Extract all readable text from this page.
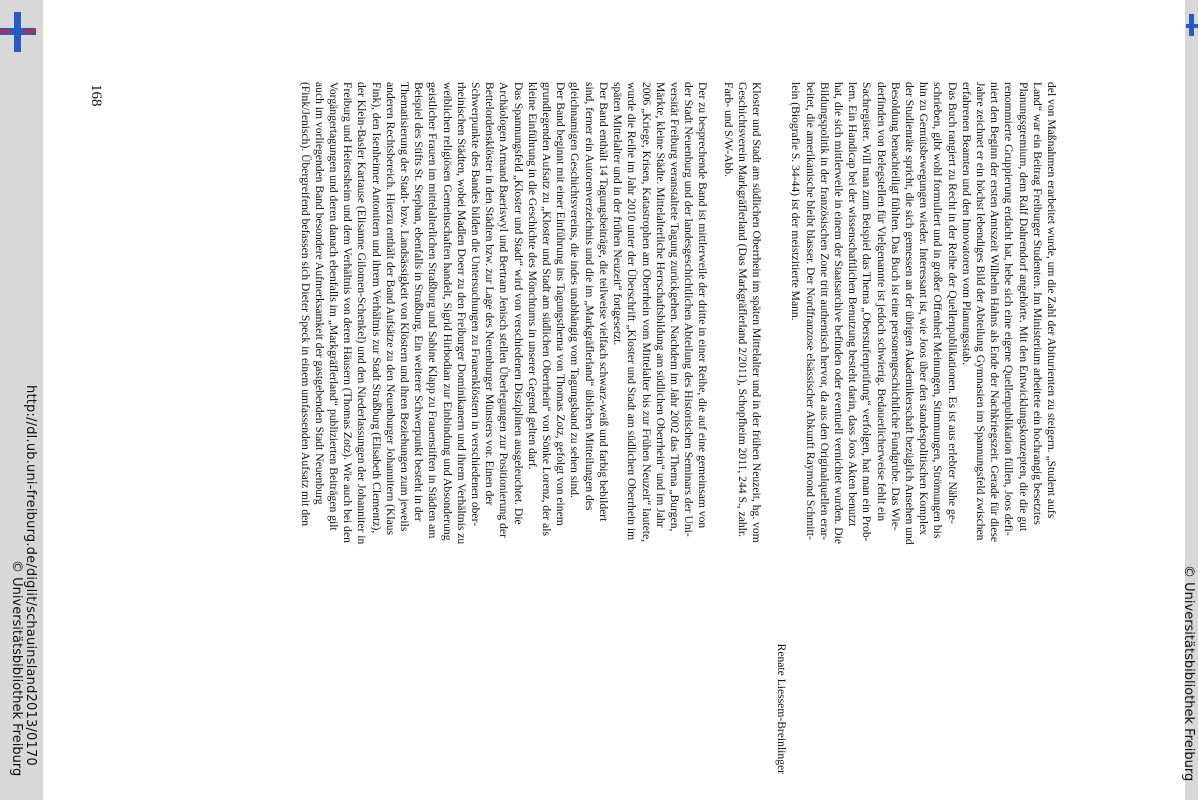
http://dl.ub.uni-freiburg.de/diglit/schauinsland2013/0170
© Universitätsbibliothek Freiburg	© Universitätsbibliothek Freiburg
168	del von Maßnahmen erarbeitet wurde, um die Zahl der Abiturienten zu steigern. „Student aufs
Land“ war ein Beitrag Freiburger Studenten. Im Ministerium arbeitete ein hochrangig besetztes
Planungsgremium, dem Ralf Dahrendorf angehörte. Mit den Entwicklungskonzepten, die die gut
renommierte Gruppierung erdacht hat, hebe sich eine eigene Quellenpublikation füllen, Joos defi-
niert den Beginn der ersten Amtszeit Wilhelm Hahns als Ende der Nachkriegszeit. Gerade für diese
Jahre zeichnet er ein höchst lebendiges Bild der Abteilung Gymnasien im Spannungsfeld zwischen
erfahrenen Beamten und den Innovatoren vom Planungsstab.
Das Buch rangiert zu Recht in der Reihe der Quellenpublikationen. Es ist aus erlebter Nähe ge-
schrieben, gibt wohl formuliert und in großer Offenheit Meinungen, Stimmungen, Strömungen bis
hin zu Gemütsbewegungen wieder. Interessant ist, wie Joos über den standespolitischen Komplex
der Studienräte spricht, die sich gemessen an der übrigen Akademikerschaft bezüglich Ansehen und
Besoldung benachteiligt fühlten. Das Buch ist eine personengeschichtliche Fundgrube. Das Wie-
derfinden von Belegstellen für Vielgenannte ist jedoch schwierig. Bedauerlicherweise fehlt ein
Sachregister. Will man zum Beispiel das Thema „Oberstufenprüfung“ verfolgen, hat man ein Prob-
lem. Ein Handicap bei der wissenschaftlichen Benutzung besteht darin, dass Joos Akten benutzt
hat, die sich mittlerweile in einem der Staatsarchive befinden oder eventuell vernichtet wurden. Die
Bildungspolitik in der französischen Zone tritt authentisch hervor, da aus den Originalquellen erar-
beitet, die amerikanische bleibt blasser. Der Nordfranzose elsässischer Abkunft Raymond Schmitt-
lein (Biografie S. 34-44) ist der meistzitierte Mann.
Renate Liessem-Breinlinger
Kloster und Stadt am südlichen Oberrhein im späten Mittelalter und in der frühen Neuzeit, hg. vom
Geschichtsverein Markgräflerland (Das Markgräflerland 2/2011), Schopfheim 2011, 244 S., zahlr.
Farb- und S/W-Abb.
Der zu besprechende Band ist mittlerweile der dritte in einer Reihe, die auf eine gemeinsam von
der Stadt Neuenburg und der landesgeschichtlichen Abteilung des Historischen Seminars der Uni-
versität Freiburg veranstaltete Tagung zurückgehen. Nachdem im Jahr 2002 das Thema „Burgen,
Märkte, kleine Städte. Mittelalterliche Herrschaftsbildung am südlichen Oberrhein“ und im Jahr
2006 „Kriege, Krisen, Katastrophen am Oberrhein vom Mittelalter bis zur Frühen Neuzeit“ lautete,
wurde die Reihe im Jahr 2010 unter der Überschrift „Kloster und Stadt am südlichen Oberrhein im
späten Mittelalter und in der frühen Neuzeit“ fortgesetzt.
Der Band enthält 14 Tagungsbeiträge, die teilweise vielfach schwarz-weiß und farbig bebildert
sind, ferner ein Autorenverzeichnis und die im „Markgräflerland“ üblichen Mitteilungen des
gleichnamigen Geschichtsvereins, die indes unabhängig vom Tagungsband zu sehen sind.
Der Band beginnt mit einer Einführung ins Tagungsthema von Thomas Zotz, gefolgt von einem
grundlegenden Aufsatz zu „Kloster und Stadt am südlichen Oberrhein“ von Sönke Lorenz, der als
kleine Einführung in die Geschichte des Mönchtums in unserer Gegend gelten darf.
Das Spannungsfeld „Kloster und Stadt“ wird von verschiedenen Disziplinen ausgeleuchtet. Die
Archäologen Armand Baeriswyl und Bertram Jenisch stellen Überlegungen zur Positionierung der
Bettelordensklöster in den Städten bzw. zur Lage des Neuenburger Münsters vor. Einen der
Schwerpunkte des Bandes bilden die Untersuchungen zu Frauenklöstern in verschiedenen ober-
rheinischen Städten, wobei Madlen Doerr zu den Freiburger Dominikanern und ihrem Verhältnis zu
weiblichen religiösen Gemeinschaften handelt, Sigrid Hirbodian zur Einbindung und Absonderung
geistlicher Frauen im mittelalterlichen Straßburg und Sabine Klapp zu Frauenstiften in Städten am
Beispiel des Stifts St. Stephan, ebenfalls in Straßburg. Ein weiterer Schwerpunkt besteht in der
Thematisierung der Stadt- bzw. Landsässigkeit von Klöstern und ihren Beziehungen zum jeweils
anderen Rechtsbereich. Hierzu enthält der Band Aufsätze zu den Neuenburger Johannitern (Klaus
Fink), den Isenheimer Antonitern und ihrem Verhältnis zur Stadt Straßburg (Elisabeth Clementz),
der Klein-Basler Kartause (Elisanne Gilomen-Schenkel) und den Niederlassungen der Johanniter in
Freiburg und Heitersheim und dem Verhältnis von deren Häusern (Thomas Zotz). Wie auch bei den
Vorgängertagungen und deren danach ebenfalls im „Markgräflerland“ publizierten Beiträgen gilt
auch im vorliegenden Band besondere Aufmerksamkeit der gastgebenden Stadt Neuenburg
(Fink/Jenisch). Übergreifend befassen sich Dieter Speck in einem umfassenden Aufsatz mit den
